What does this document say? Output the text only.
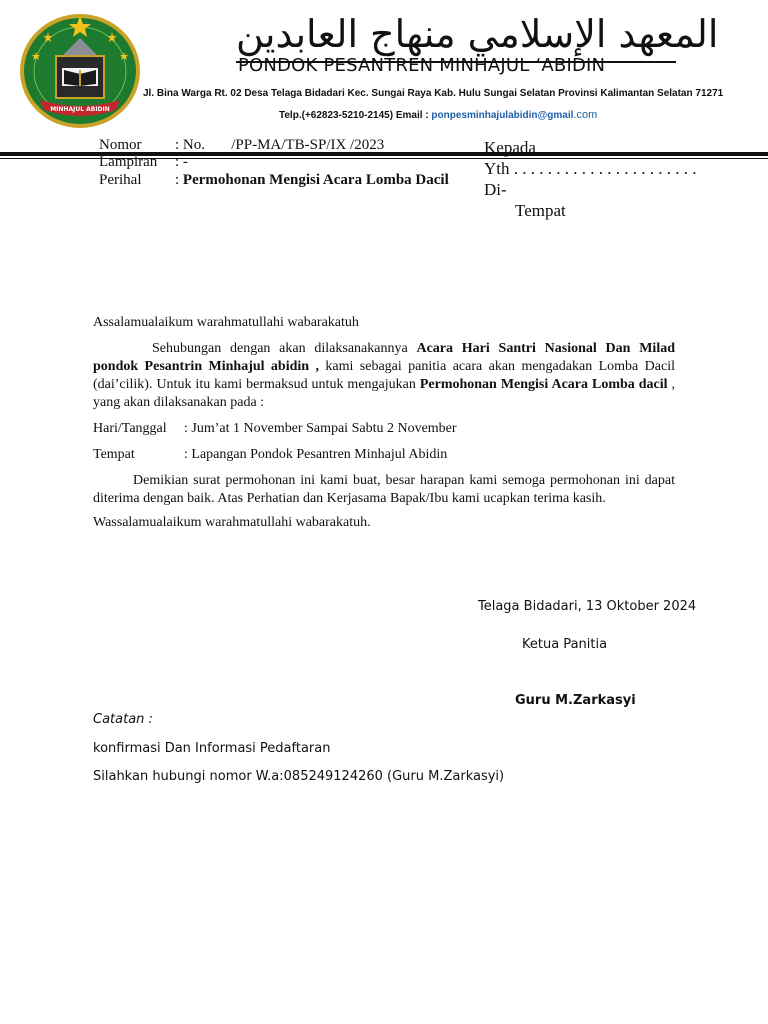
MINHAJUL ABIDIN
المعهد الإسلامي منهاج العابدين
PONDOK PESANTREN MINHAJUL ‘ABIDIN
Jl. Bina Warga Rt. 02 Desa Telaga Bidadari Kec. Sungai Raya Kab. Hulu Sungai Selatan Provinsi Kalimantan Selatan 71271
Telp.(+62823-5210-2145) Email : ponpesminhajulabidin@gmail.com
Nomor : No.       /PP-MA/TB-SP/IX /2023
Lampiran : -
Perihal : Permohonan Mengisi Acara Lomba Dacil
Kepada
Yth . . . . . . . . . . . . . . . . . . . . . .
Di-
Tempat
Assalamualaikum warahmatullahi wabarakatuh
Sehubungan dengan akan dilaksanakannya Acara Hari Santri Nasional Dan Milad pondok Pesantrin Minhajul abidin , kami sebagai panitia acara akan mengadakan Lomba Dacil (dai’cilik). Untuk itu kami bermaksud untuk mengajukan Permohonan Mengisi Acara Lomba dacil , yang akan dilaksanakan pada :
Hari/Tanggal : Jum’at 1 November Sampai Sabtu 2 November
Tempat	: Lapangan Pondok Pesantren Minhajul Abidin
Demikian surat permohonan ini kami buat, besar harapan kami semoga permohonan ini dapat diterima dengan baik. Atas Perhatian dan Kerjasama Bapak/Ibu kami ucapkan terima kasih.
Wassalamualaikum warahmatullahi wabarakatuh.
Telaga Bidadari, 13 Oktober 2024
Ketua Panitia
Guru M.Zarkasyi
Catatan :
konfirmasi Dan Informasi Pedaftaran
Silahkan hubungi nomor W.a:085249124260 (Guru M.Zarkasyi)
